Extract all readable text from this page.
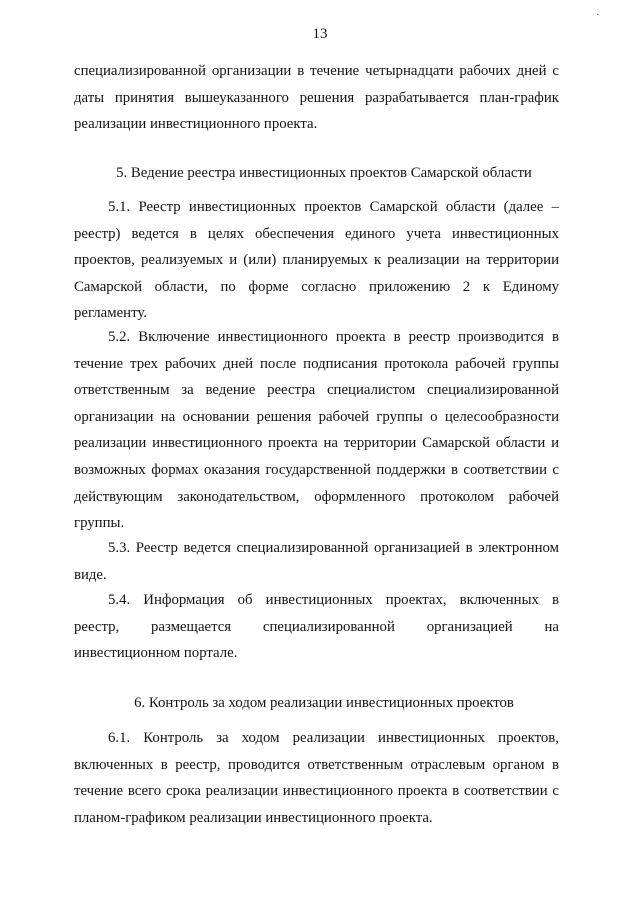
13
·
специализированной организации в течение четырнадцати рабочих дней с
даты принятия вышеуказанного решения разрабатывается план-график
реализации инвестиционного проекта.
5. Ведение реестра инвестиционных проектов Самарской области
5.1. Реестр инвестиционных проектов Самарской области (далее –
реестр) ведется в целях обеспечения единого учета инвестиционных
проектов, реализуемых и (или) планируемых к реализации на территории
Самарской области, по форме согласно приложению 2 к Единому
регламенту.
5.2. Включение инвестиционного проекта в реестр производится в
течение трех рабочих дней после подписания протокола рабочей группы
ответственным за ведение реестра специалистом специализированной
организации на основании решения рабочей группы о целесообразности
реализации инвестиционного проекта на территории Самарской области и
возможных формах оказания государственной поддержки в соответствии с
действующим законодательством, оформленного протоколом рабочей
группы.
5.3. Реестр ведется специализированной организацией в электронном
виде.
5.4. Информация об инвестиционных проектах, включенных в
реестр, размещается специализированной организацией на
инвестиционном портале.
6. Контроль за ходом реализации инвестиционных проектов
6.1. Контроль за ходом реализации инвестиционных проектов,
включенных в реестр, проводится ответственным отраслевым органом в
течение всего срока реализации инвестиционного проекта в соответствии с
планом-графиком реализации инвестиционного проекта.
